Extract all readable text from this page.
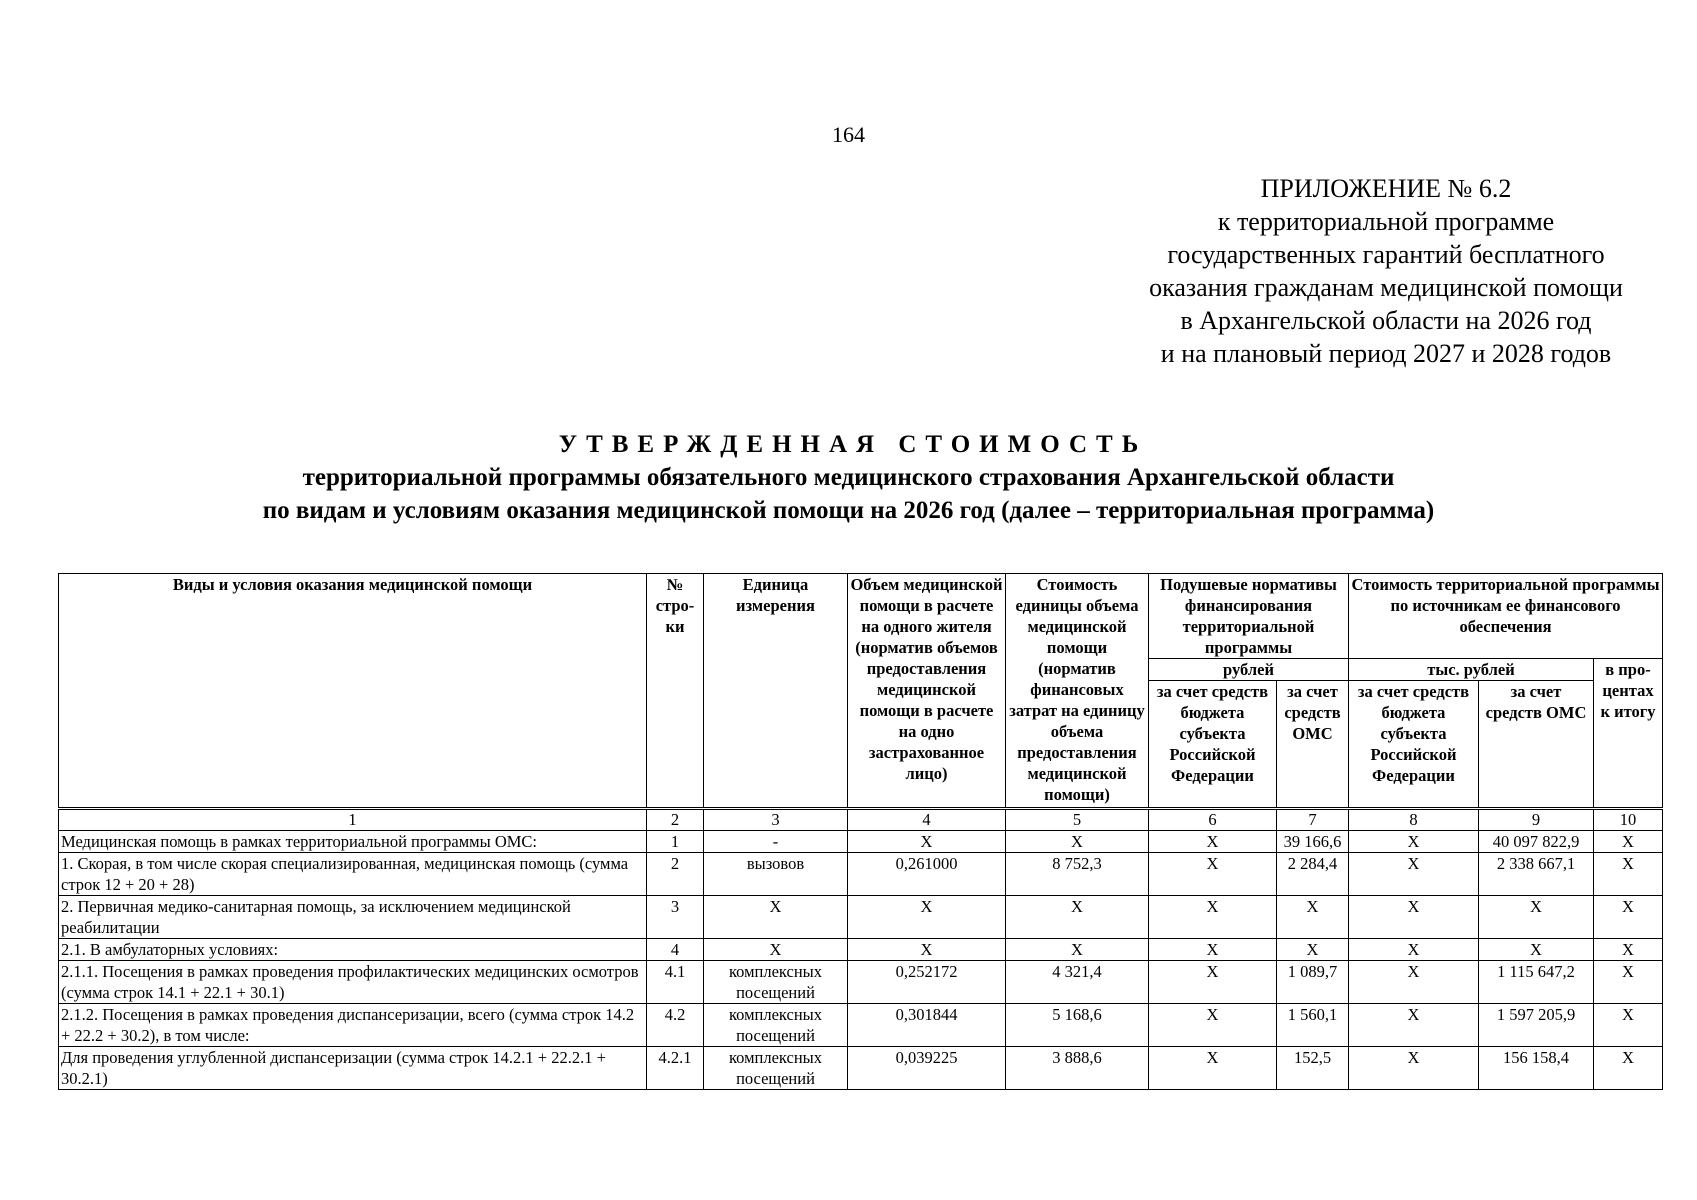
164
ПРИЛОЖЕНИЕ № 6.2
к территориальной программе
государственных гарантий бесплатного
оказания гражданам медицинской помощи
в Архангельской области на 2026 год
и на плановый период 2027 и 2028 годов
УТВЕРЖДЕННАЯ СТОИМОСТЬ
территориальной программы обязательного медицинского страхования Архангельской области
по видам и условиям оказания медицинской помощи на 2026 год (далее – территориальная программа)
Виды и условия оказания медицинской помощи	№ стро-ки	Единица измерения	Объем медицинской помощи в расчете на одного жителя (норматив объемов предоставления медицинской помощи в расчете на одно застрахованное лицо)	Стоимость единицы объема медицинской помощи (норматив финансовых затрат на единицу объема предоставления медицинской помощи)	Подушевые нормативы финансирования территориальной программы		Стоимость территориальной программы по источникам ее финансового обеспечения		
					рублей		тыс. рублей		в про-центах к итогу
					за счет средств бюджета субъекта Российской Федерации	за счет средств ОМС	за счет средств бюджета субъекта Российской Федерации	за счет средств ОМС	
1	2	3	4	5	6	7	8	9	10
Медицинская помощь в рамках территориальной программы ОМС:	1	-	X	X	X	39 166,6	X	40 097 822,9	X
1. Скорая, в том числе скорая специализированная, медицинская помощь (сумма строк 12 + 20 + 28)	2	вызовов	0,261000	8 752,3	X	2 284,4	X	2 338 667,1	X
2. Первичная медико-санитарная помощь, за исключением медицинской реабилитации	3	X	X	X	X	X	X	X	X
2.1. В амбулаторных условиях:	4	X	X	X	X	X	X	X	X
2.1.1. Посещения в рамках проведения профилактических медицинских осмотров (сумма строк 14.1 + 22.1 + 30.1)	4.1	комплексных посещений	0,252172	4 321,4	X	1 089,7	X	1 115 647,2	X
2.1.2. Посещения в рамках проведения диспансеризации, всего (сумма строк 14.2 + 22.2 + 30.2), в том числе:	4.2	комплексных посещений	0,301844	5 168,6	X	1 560,1	X	1 597 205,9	X
Для проведения углубленной диспансеризации (сумма строк 14.2.1 + 22.2.1 + 30.2.1)	4.2.1	комплексных посещений	0,039225	3 888,6	X	152,5	X	156 158,4	X
